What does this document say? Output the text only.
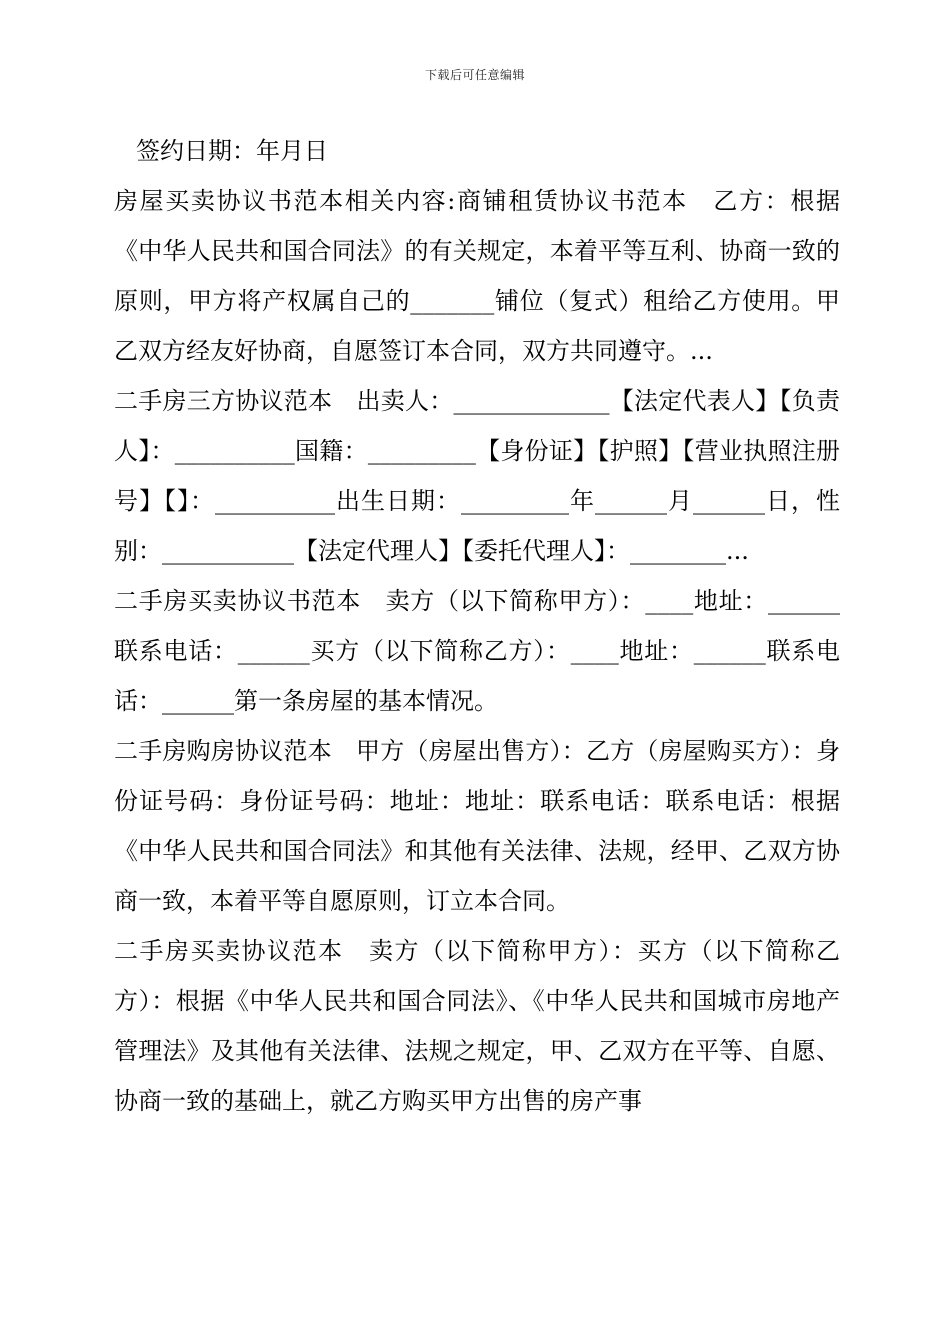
下载后可任意编辑

签约日期：年月日

房屋买卖协议书范本相关内容:商铺租赁协议书范本　乙方：根据《中华人民共和国合同法》的有关规定，本着平等互利、协商一致的原则，甲方将产权属自己的_______铺位（复式）租给乙方使用。甲乙双方经友好协商，自愿签订本合同，双方共同遵守。...

二手房三方协议范本　出卖人：_____________【法定代表人】【负责人】：__________国籍：_________【身份证】【护照】【营业执照注册号】【】：__________出生日期：_________年______月______日，性别：___________【法定代理人】【委托代理人】：________...

二手房买卖协议书范本　卖方（以下简称甲方）：____地址：______联系电话：______买方（以下简称乙方）：____地址：______联系电话：______第一条房屋的基本情况。

二手房购房协议范本　甲方（房屋出售方）：乙方（房屋购买方）：身份证号码：身份证号码：地址：地址：联系电话：联系电话：根据《中华人民共和国合同法》和其他有关法律、法规，经甲、乙双方协商一致，本着平等自愿原则，订立本合同。

二手房买卖协议范本　卖方（以下简称甲方）：买方（以下简称乙方）：根据《中华人民共和国合同法》、《中华人民共和国城市房地产管理法》及其他有关法律、法规之规定，甲、乙双方在平等、自愿、协商一致的基础上，就乙方购买甲方出售的房产事
